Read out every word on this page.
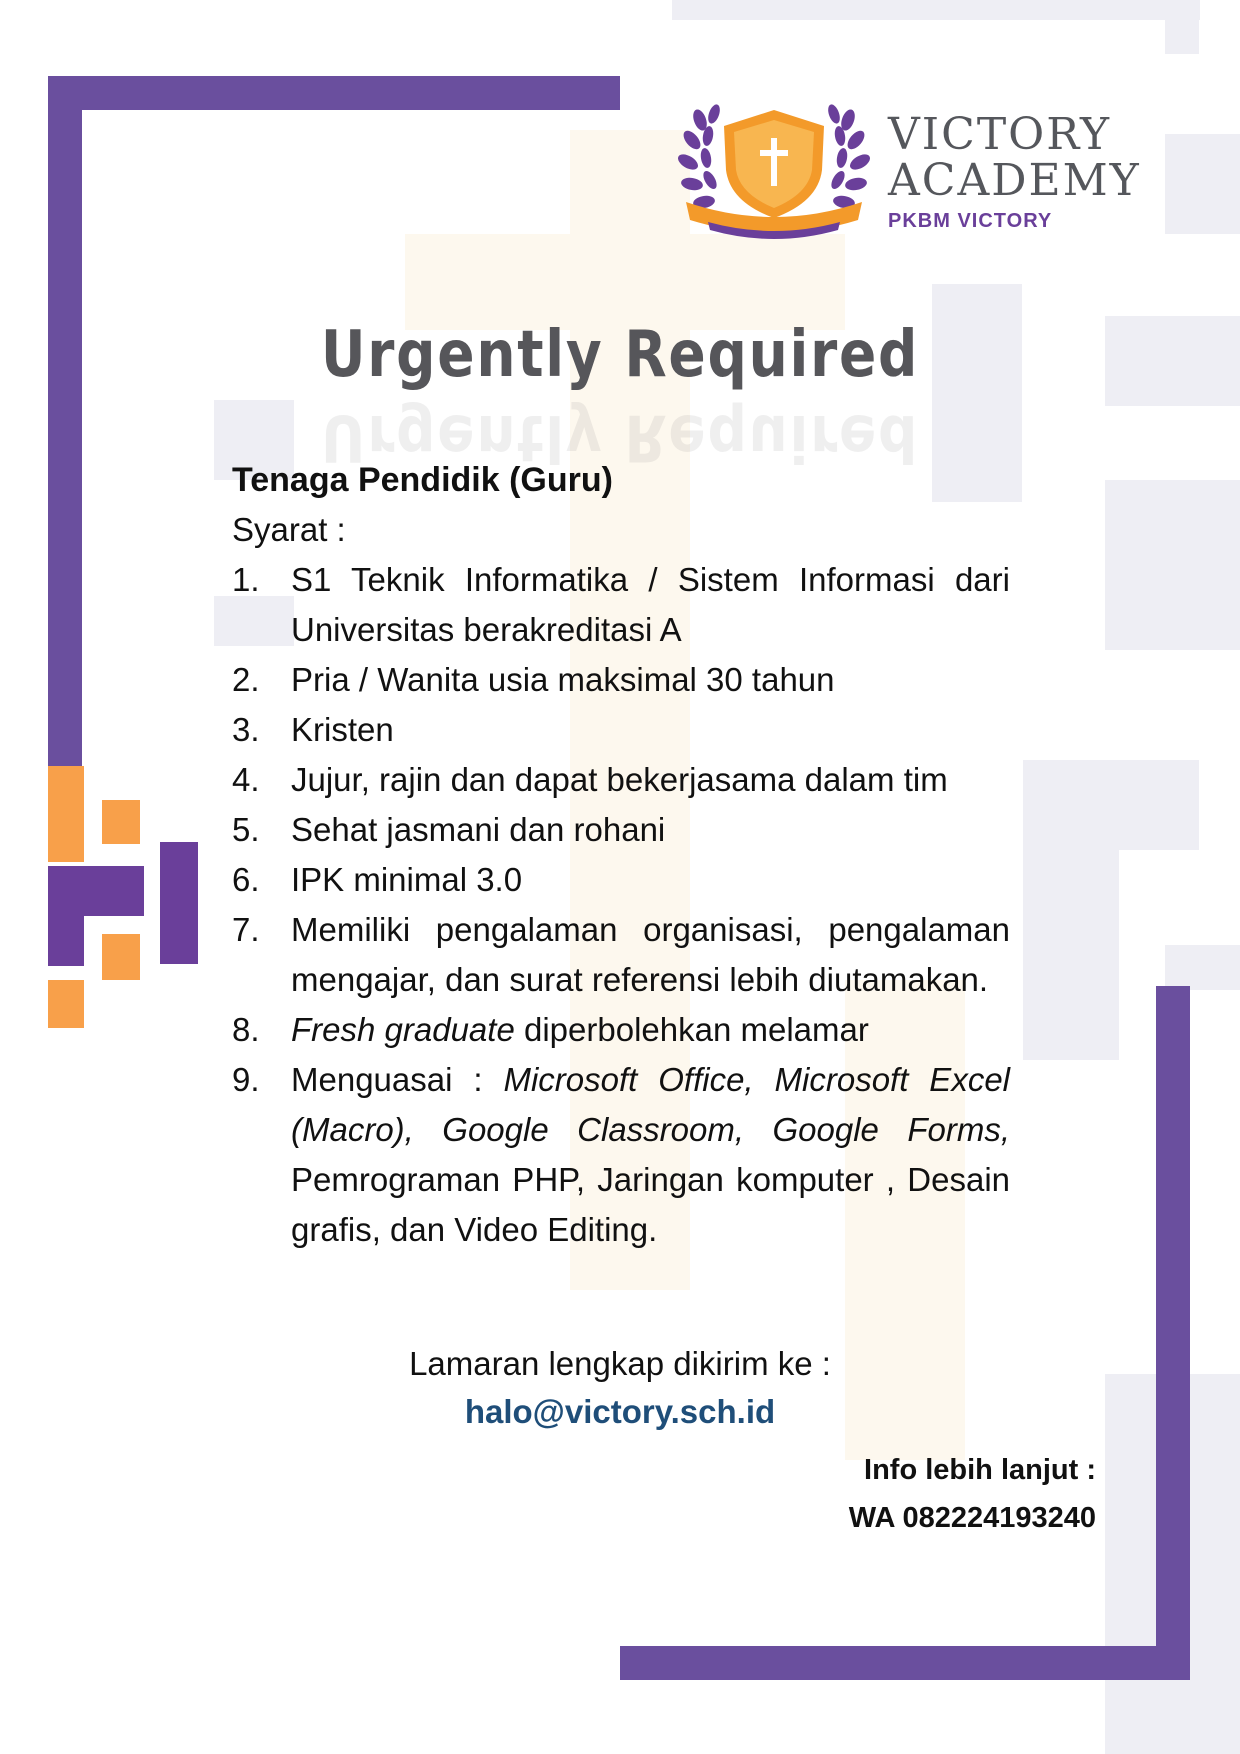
VICTORY
ACADEMY
PKBM VICTORY
Urgently Required
Urgently Required
Tenaga Pendidik (Guru)
Syarat :
1. S1 Teknik Informatika / Sistem Informasi dari Universitas berakreditasi A
2. Pria / Wanita usia maksimal 30 tahun
3. Kristen
4. Jujur, rajin dan dapat bekerjasama dalam tim
5. Sehat jasmani dan rohani
6. IPK minimal 3.0
7. Memiliki pengalaman organisasi, pengalaman mengajar, dan surat referensi lebih diutamakan.
8. Fresh graduate diperbolehkan melamar
9. Menguasai : Microsoft Office, Microsoft Excel (Macro), Google Classroom, Google Forms, Pemrograman PHP, Jaringan komputer , Desain grafis, dan Video Editing.
Lamaran lengkap dikirim ke :
halo@victory.sch.id
Info lebih lanjut :
WA 082224193240
